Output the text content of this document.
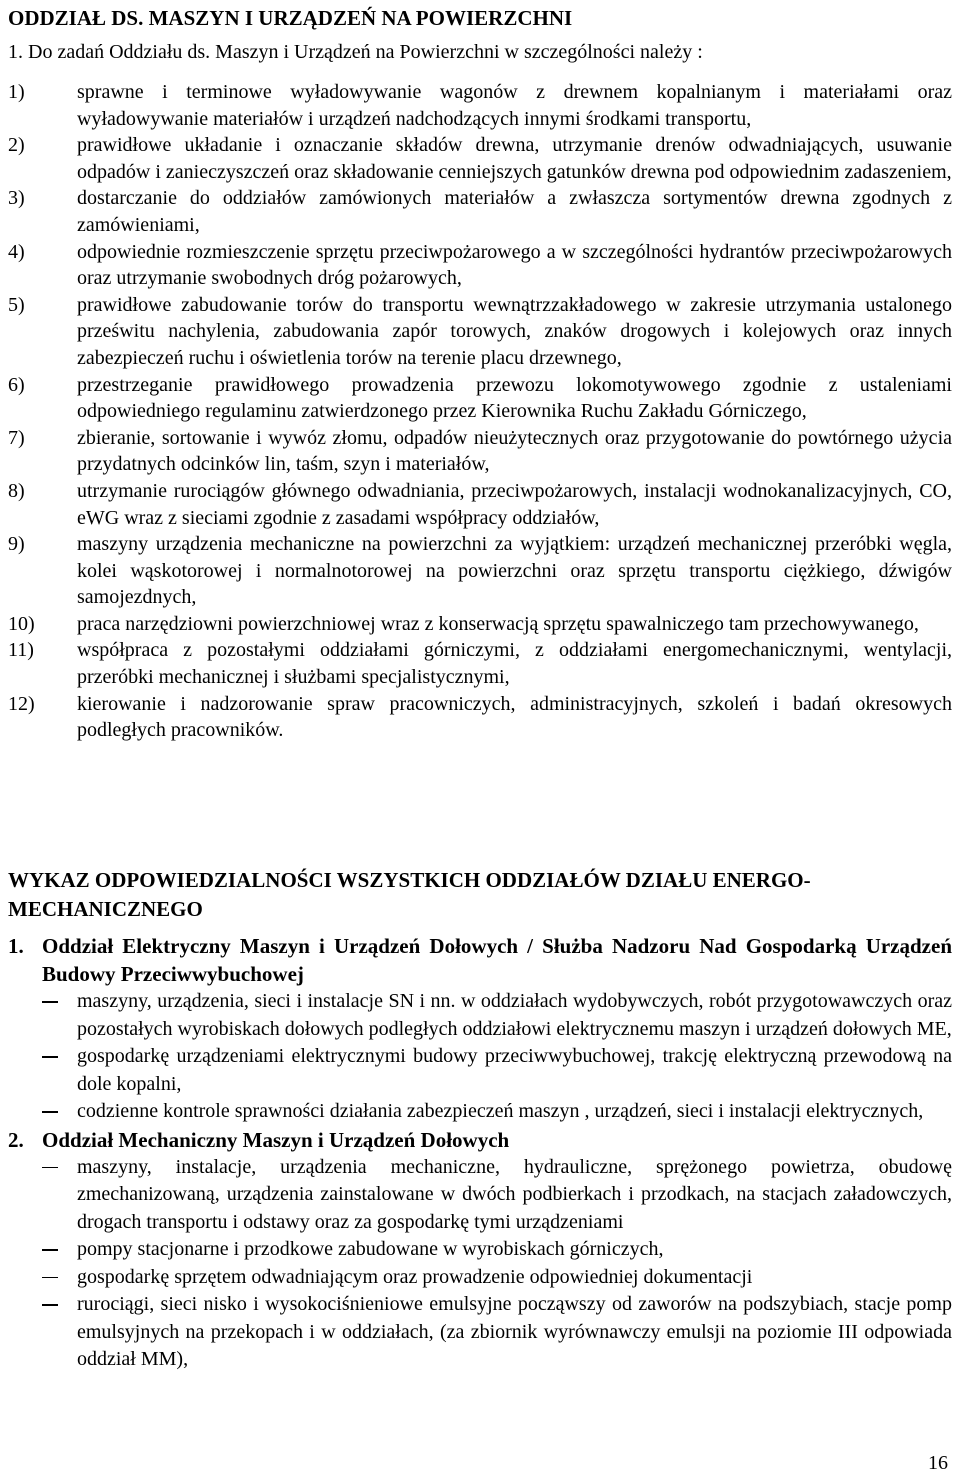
ODDZIAŁ DS. MASZYN I URZĄDZEŃ NA POWIERZCHNI
1. Do zadań Oddziału ds. Maszyn i Urządzeń na Powierzchni w szczególności należy :
1)	sprawne i terminowe wyładowywanie wagonów z drewnem kopalnianym i materiałami oraz wyładowywanie materiałów i urządzeń nadchodzących innymi środkami transportu,
2)	prawidłowe układanie i oznaczanie składów drewna, utrzymanie drenów odwadniających, usuwanie odpadów i zanieczyszczeń oraz składowanie cenniejszych gatunków drewna pod odpowiednim zadaszeniem,
3)	dostarczanie do oddziałów zamówionych materiałów a zwłaszcza sortymentów drewna zgodnych z zamówieniami,
4)	odpowiednie rozmieszczenie sprzętu przeciwpożarowego a w szczególności hydrantów przeciwpożarowych oraz utrzymanie swobodnych dróg pożarowych,
5)	prawidłowe zabudowanie torów do transportu wewnątrzzakładowego w zakresie utrzymania ustalonego prześwitu nachylenia, zabudowania zapór torowych, znaków drogowych i kolejowych oraz innych zabezpieczeń ruchu i oświetlenia torów na terenie placu drzewnego,
6)	przestrzeganie prawidłowego prowadzenia przewozu lokomotywowego zgodnie z ustaleniami odpowiedniego regulaminu zatwierdzonego przez Kierownika Ruchu Zakładu Górniczego,
7)	zbieranie, sortowanie i wywóz złomu, odpadów nieużytecznych oraz przygotowanie do powtórnego użycia przydatnych odcinków lin, taśm, szyn i materiałów,
8)	utrzymanie rurociągów głównego odwadniania, przeciwpożarowych, instalacji wodnokanalizacyjnych, CO, eWG wraz z sieciami zgodnie z zasadami współpracy oddziałów,
9)	maszyny urządzenia mechaniczne na powierzchni za wyjątkiem: urządzeń mechanicznej przeróbki węgla, kolei wąskotorowej i normalnotorowej na powierzchni oraz sprzętu transportu ciężkiego, dźwigów samojezdnych,
10) praca narzędziowni powierzchniowej wraz z konserwacją sprzętu spawalniczego tam przechowywanego,
11) współpraca z pozostałymi oddziałami górniczymi, z oddziałami energomechanicznymi, wentylacji, przeróbki mechanicznej i służbami specjalistycznymi,
12) kierowanie i nadzorowanie spraw pracowniczych, administracyjnych, szkoleń i badań okresowych podległych pracowników.
WYKAZ ODPOWIEDZIALNOŚCI WSZYSTKICH ODDZIAŁÓW DZIAŁU ENERGO-MECHANICZNEGO
1. Oddział Elektryczny Maszyn i Urządzeń Dołowych / Służba Nadzoru Nad Gospodarką Urządzeń Budowy Przeciwwybuchowej
maszyny, urządzenia, sieci i instalacje SN i nn. w oddziałach wydobywczych, robót przygotowawczych oraz pozostałych wyrobiskach dołowych podległych oddziałowi elektrycznemu maszyn i urządzeń dołowych ME,
gospodarkę urządzeniami elektrycznymi budowy przeciwwybuchowej, trakcję elektryczną przewodową na dole kopalni,
codzienne kontrole sprawności działania zabezpieczeń maszyn , urządzeń, sieci i instalacji elektrycznych,
2. Oddział Mechaniczny Maszyn i Urządzeń Dołowych
maszyny, instalacje, urządzenia mechaniczne, hydrauliczne, sprężonego powietrza, obudowę zmechanizowaną, urządzenia zainstalowane w dwóch podbierkach i przodkach, na stacjach załadowczych, drogach transportu i odstawy oraz za gospodarkę tymi urządzeniami
pompy stacjonarne i przodkowe zabudowane w wyrobiskach górniczych,
gospodarkę sprzętem odwadniającym oraz prowadzenie odpowiedniej dokumentacji
rurociągi, sieci nisko i wysokociśnieniowe emulsyjne począwszy od zaworów na podszybiach, stacje pomp emulsyjnych na przekopach i w oddziałach, (za zbiornik wyrównawczy emulsji na poziomie III odpowiada oddział MM),
16
